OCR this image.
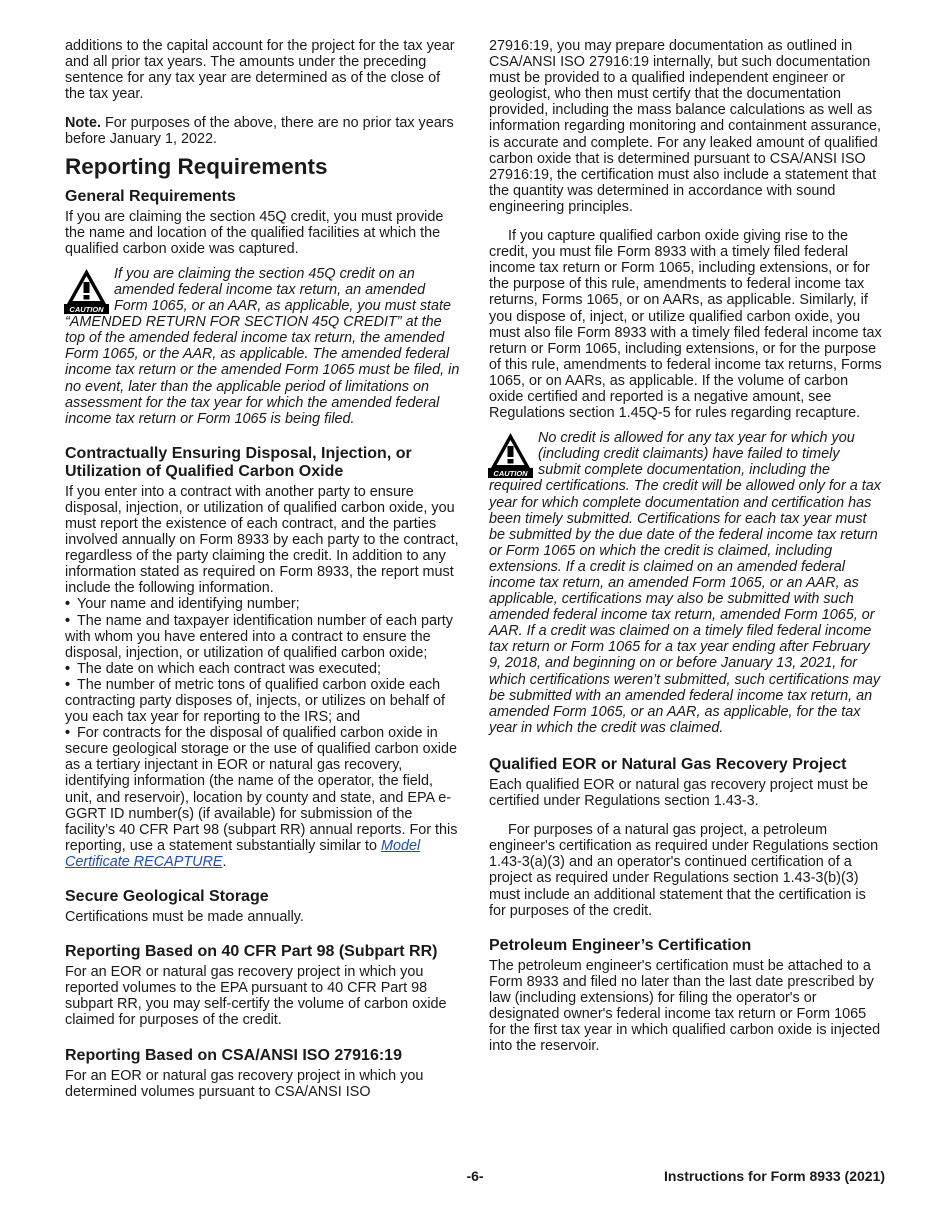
additions to the capital account for the project for the tax year and all prior tax years. The amounts under the preceding sentence for any tax year are determined as of the close of the tax year.

Note. For purposes of the above, there are no prior tax years before January 1, 2022.

Reporting Requirements
General Requirements

If you are claiming the section 45Q credit, you must provide the name and location of the qualified facilities at which the qualified carbon oxide was captured.

CAUTION
If you are claiming the section 45Q credit on an amended federal income tax return, an amended Form 1065, or an AAR, as applicable, you must state “AMENDED RETURN FOR SECTION 45Q CREDIT” at the top of the amended federal income tax return, the amended Form 1065, or the AAR, as applicable. The amended federal income tax return or the amended Form 1065 must be filed, in no event, later than the applicable period of limitations on assessment for the tax year for which the amended federal income tax return or Form 1065 is being filed.
Contractually Ensuring Disposal, Injection, or Utilization of Qualified Carbon Oxide

If you enter into a contract with another party to ensure disposal, injection, or utilization of qualified carbon oxide, you must report the existence of each contract, and the parties involved annually on Form 8933 by each party to the contract, regardless of the party claiming the credit. In addition to any information stated as required on Form 8933, the report must include the following information.

• Your name and identifying number;
• The name and taxpayer identification number of each party with whom you have entered into a contract to ensure the disposal, injection, or utilization of qualified carbon oxide;
• The date on which each contract was executed;
• The number of metric tons of qualified carbon oxide each contracting party disposes of, injects, or utilizes on behalf of you each tax year for reporting to the IRS; and
• For contracts for the disposal of qualified carbon oxide in secure geological storage or the use of qualified carbon oxide as a tertiary injectant in EOR or natural gas recovery, identifying information (the name of the operator, the field, unit, and reservoir), location by county and state, and EPA e-GGRT ID number(s) (if available) for submission of the facility’s 40 CFR Part 98 (subpart RR) annual reports. For this reporting, use a statement substantially similar to Model Certificate RECAPTURE.
Secure Geological Storage

Certifications must be made annually.

Reporting Based on 40 CFR Part 98 (Subpart RR)

For an EOR or natural gas recovery project in which you reported volumes to the EPA pursuant to 40 CFR Part 98 subpart RR, you may self-certify the volume of carbon oxide claimed for purposes of the credit.

Reporting Based on CSA/ANSI ISO 27916:19

For an EOR or natural gas recovery project in which you determined volumes pursuant to CSA/ANSI ISO

27916:19, you may prepare documentation as outlined in CSA/ANSI ISO 27916:19 internally, but such documentation must be provided to a qualified independent engineer or geologist, who then must certify that the documentation provided, including the mass balance calculations as well as information regarding monitoring and containment assurance, is accurate and complete. For any leaked amount of qualified carbon oxide that is determined pursuant to CSA/ANSI ISO 27916:19, the certification must also include a statement that the quantity was determined in accordance with sound engineering principles.

If you capture qualified carbon oxide giving rise to the credit, you must file Form 8933 with a timely filed federal income tax return or Form 1065, including extensions, or for the purpose of this rule, amendments to federal income tax returns, Forms 1065, or on AARs, as applicable. Similarly, if you dispose of, inject, or utilize qualified carbon oxide, you must also file Form 8933 with a timely filed federal income tax return or Form 1065, including extensions, or for the purpose of this rule, amendments to federal income tax returns, Forms 1065, or on AARs, as applicable. If the volume of carbon oxide certified and reported is a negative amount, see Regulations section 1.45Q-5 for rules regarding recapture.

CAUTION
No credit is allowed for any tax year for which you (including credit claimants) have failed to timely submit complete documentation, including the required certifications. The credit will be allowed only for a tax year for which complete documentation and certification has been timely submitted. Certifications for each tax year must be submitted by the due date of the federal income tax return or Form 1065 on which the credit is claimed, including extensions. If a credit is claimed on an amended federal income tax return, an amended Form 1065, or an AAR, as applicable, certifications may also be submitted with such amended federal income tax return, amended Form 1065, or AAR. If a credit was claimed on a timely filed federal income tax return or Form 1065 for a tax year ending after February 9, 2018, and beginning on or before January 13, 2021, for which certifications weren’t submitted, such certifications may be submitted with an amended federal income tax return, an amended Form 1065, or an AAR, as applicable, for the tax year in which the credit was claimed.
Qualified EOR or Natural Gas Recovery Project

Each qualified EOR or natural gas recovery project must be certified under Regulations section 1.43-3.

For purposes of a natural gas project, a petroleum engineer's certification as required under Regulations section 1.43-3(a)(3) and an operator's continued certification of a project as required under Regulations section 1.43-3(b)(3) must include an additional statement that the certification is for purposes of the credit.

Petroleum Engineer’s Certification

The petroleum engineer's certification must be attached to a Form 8933 and filed no later than the last date prescribed by law (including extensions) for filing the operator's or designated owner's federal income tax return or Form 1065 for the first tax year in which qualified carbon oxide is injected into the reservoir.

-6-	Instructions for Form 8933 (2021)
